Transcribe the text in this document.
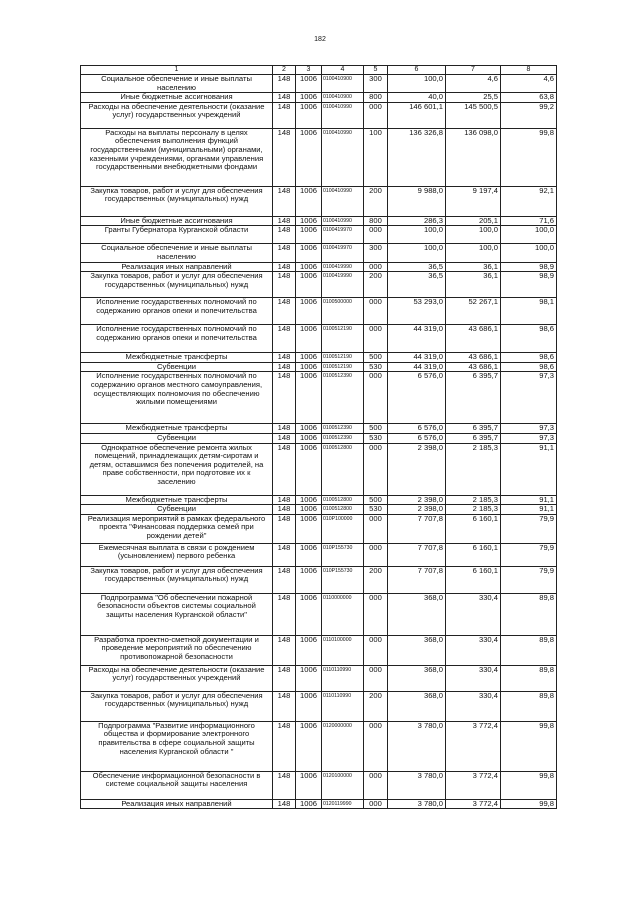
182
1	2	3	4	5	6	7	8
Социальное обеспечение и иные выплаты населению	148	1006	0100410900	300	100,0	4,6	4,6
Иные бюджетные ассигнования	148	1006	0100410900	800	40,0	25,5	63,8
Расходы на обеспечение деятельности (оказание услуг) государственных учреждений	148	1006	0100410990	000	146 601,1	145 500,5	99,2
Расходы на выплаты персоналу в целях обеспечения выполнения функций государственными (муниципальными) органами, казенными учреждениями, органами управления государственными внебюджетными фондами	148	1006	0100410990	100	136 326,8	136 098,0	99,8
Закупка товаров, работ и услуг для обеспечения государственных (муниципальных) нужд	148	1006	0100410990	200	9 988,0	9 197,4	92,1
Иные бюджетные ассигнования	148	1006	0100410990	800	286,3	205,1	71,6
Гранты Губернатора Курганской области	148	1006	0100419970	000	100,0	100,0	100,0
Социальное обеспечение и иные выплаты населению	148	1006	0100419970	300	100,0	100,0	100,0
Реализация иных направлений	148	1006	0100419990	000	36,5	36,1	98,9
Закупка товаров, работ и услуг для обеспечения государственных (муниципальных) нужд	148	1006	0100419990	200	36,5	36,1	98,9
Исполнение государственных полномочий по содержанию органов опеки и попечительства	148	1006	0100500000	000	53 293,0	52 267,1	98,1
Исполнение государственных полномочий по содержанию органов опеки и попечительства	148	1006	0100512190	000	44 319,0	43 686,1	98,6
Межбюджетные трансферты	148	1006	0100512190	500	44 319,0	43 686,1	98,6
Субвенции	148	1006	0100512190	530	44 319,0	43 686,1	98,6
Исполнение государственных полномочий по содержанию органов местного самоуправления, осуществляющих полномочия по обеспечению жилыми помещениями	148	1006	0100512390	000	6 576,0	6 395,7	97,3
Межбюджетные трансферты	148	1006	0100512390	500	6 576,0	6 395,7	97,3
Субвенции	148	1006	0100512390	530	6 576,0	6 395,7	97,3
Однократное обеспечение ремонта жилых помещений, принадлежащих детям-сиротам и детям, оставшимся без попечения родителей, на праве собственности, при подготовке их к заселению	148	1006	0100512800	000	2 398,0	2 185,3	91,1
Межбюджетные трансферты	148	1006	0100512800	500	2 398,0	2 185,3	91,1
Субвенции	148	1006	0100512800	530	2 398,0	2 185,3	91,1
Реализация мероприятий в рамках федерального проекта "Финансовая поддержка семей при рождении детей"	148	1006	010P100000	000	7 707,8	6 160,1	79,9
Ежемесячная выплата в связи с рождением (усыновлением) первого ребенка	148	1006	010P155730	000	7 707,8	6 160,1	79,9
Закупка товаров, работ и услуг для обеспечения государственных (муниципальных) нужд	148	1006	010P155730	200	7 707,8	6 160,1	79,9
Подпрограмма "Об обеспечении пожарной безопасности объектов системы социальной защиты населения Курганской области"	148	1006	0110000000	000	368,0	330,4	89,8
Разработка проектно-сметной документации и проведение мероприятий по обеспечению противопожарной безопасности	148	1006	0110100000	000	368,0	330,4	89,8
Расходы на обеспечение деятельности (оказание услуг) государственных учреждений	148	1006	0110110990	000	368,0	330,4	89,8
Закупка товаров, работ и услуг для обеспечения государственных (муниципальных) нужд	148	1006	0110110990	200	368,0	330,4	89,8
Подпрограмма "Развитие информационного общества и формирование электронного правительства в сфере социальной защиты населения Курганской области "	148	1006	0120000000	000	3 780,0	3 772,4	99,8
Обеспечение информационной безопасности в системе социальной защиты населения	148	1006	0120100000	000	3 780,0	3 772,4	99,8
Реализация иных направлений	148	1006	0120119990	000	3 780,0	3 772,4	99,8
